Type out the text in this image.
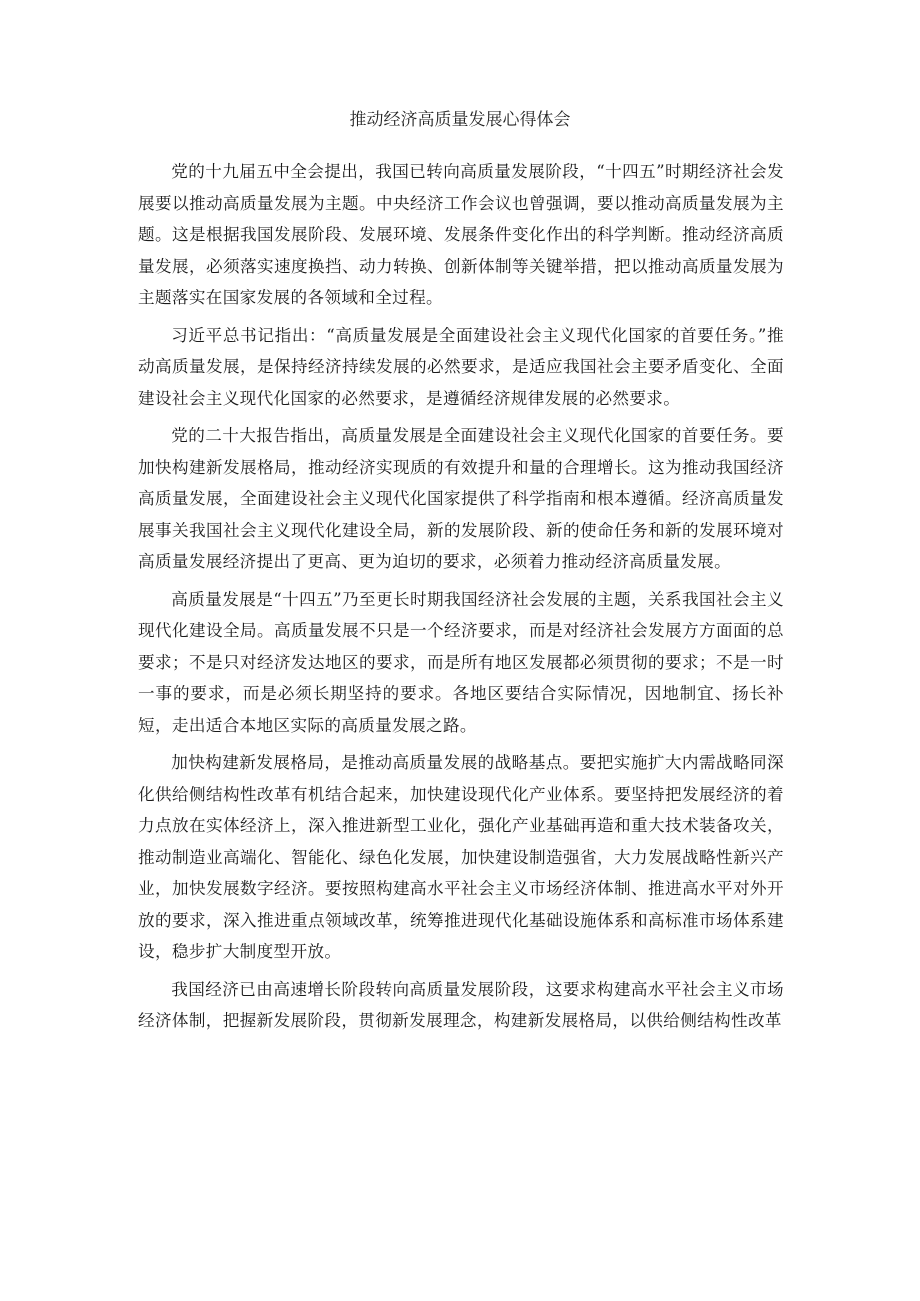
推动经济高质量发展心得体会

党的十九届五中全会提出，我国已转向高质量发展阶段，“十四五”时期经济社会发展要以推动高质量发展为主题。中央经济工作会议也曾强调，要以推动高质量发展为主题。这是根据我国发展阶段、发展环境、发展条件变化作出的科学判断。推动经济高质量发展，必须落实速度换挡、动力转换、创新体制等关键举措，把以推动高质量发展为主题落实在国家发展的各领域和全过程。

习近平总书记指出：“高质量发展是全面建设社会主义现代化国家的首要任务。”推动高质量发展，是保持经济持续发展的必然要求，是适应我国社会主要矛盾变化、全面建设社会主义现代化国家的必然要求，是遵循经济规律发展的必然要求。

党的二十大报告指出，高质量发展是全面建设社会主义现代化国家的首要任务。要加快构建新发展格局，推动经济实现质的有效提升和量的合理增长。这为推动我国经济高质量发展，全面建设社会主义现代化国家提供了科学指南和根本遵循。经济高质量发展事关我国社会主义现代化建设全局，新的发展阶段、新的使命任务和新的发展环境对高质量发展经济提出了更高、更为迫切的要求，必须着力推动经济高质量发展。

高质量发展是“十四五”乃至更长时期我国经济社会发展的主题，关系我国社会主义现代化建设全局。高质量发展不只是一个经济要求，而是对经济社会发展方方面面的总要求；不是只对经济发达地区的要求，而是所有地区发展都必须贯彻的要求；不是一时一事的要求，而是必须长期坚持的要求。各地区要结合实际情况，因地制宜、扬长补短，走出适合本地区实际的高质量发展之路。

加快构建新发展格局，是推动高质量发展的战略基点。要把实施扩大内需战略同深化供给侧结构性改革有机结合起来，加快建设现代化产业体系。要坚持把发展经济的着力点放在实体经济上，深入推进新型工业化，强化产业基础再造和重大技术装备攻关，推动制造业高端化、智能化、绿色化发展，加快建设制造强省，大力发展战略性新兴产业，加快发展数字经济。要按照构建高水平社会主义市场经济体制、推进高水平对外开放的要求，深入推进重点领域改革，统筹推进现代化基础设施体系和高标准市场体系建设，稳步扩大制度型开放。

我国经济已由高速增长阶段转向高质量发展阶段，这要求构建高水平社会主义市场经济体制，把握新发展阶段，贯彻新发展理念，构建新发展格局，以供给侧结构性改革
